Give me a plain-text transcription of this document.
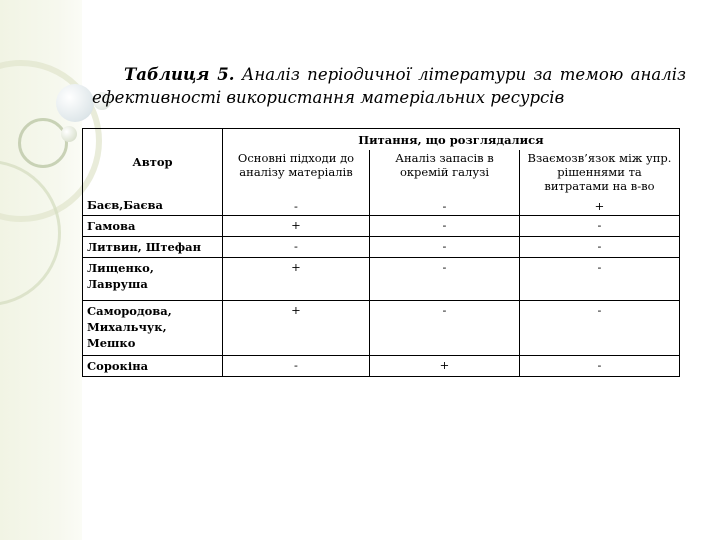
Таблиця 5. Аналіз періодичної літератури за темою аналіз
ефективності використання матеріальних ресурсів
Автор	Питання, що розглядалися		
	Основні підходи до аналізу матеріалів	Аналіз запасів в окремій галузі	Взаємозв’язок між упр. рішеннями та витратами на в-во
Баєв,Баєва	-	-	+
Гамова	+	-	-
Литвин, Штефан	-	-	-
Лищенко, Лавруша	+	-	-
Самородова, Михальчук, Мешко	+	-	-
Сорокіна	-	+	-
